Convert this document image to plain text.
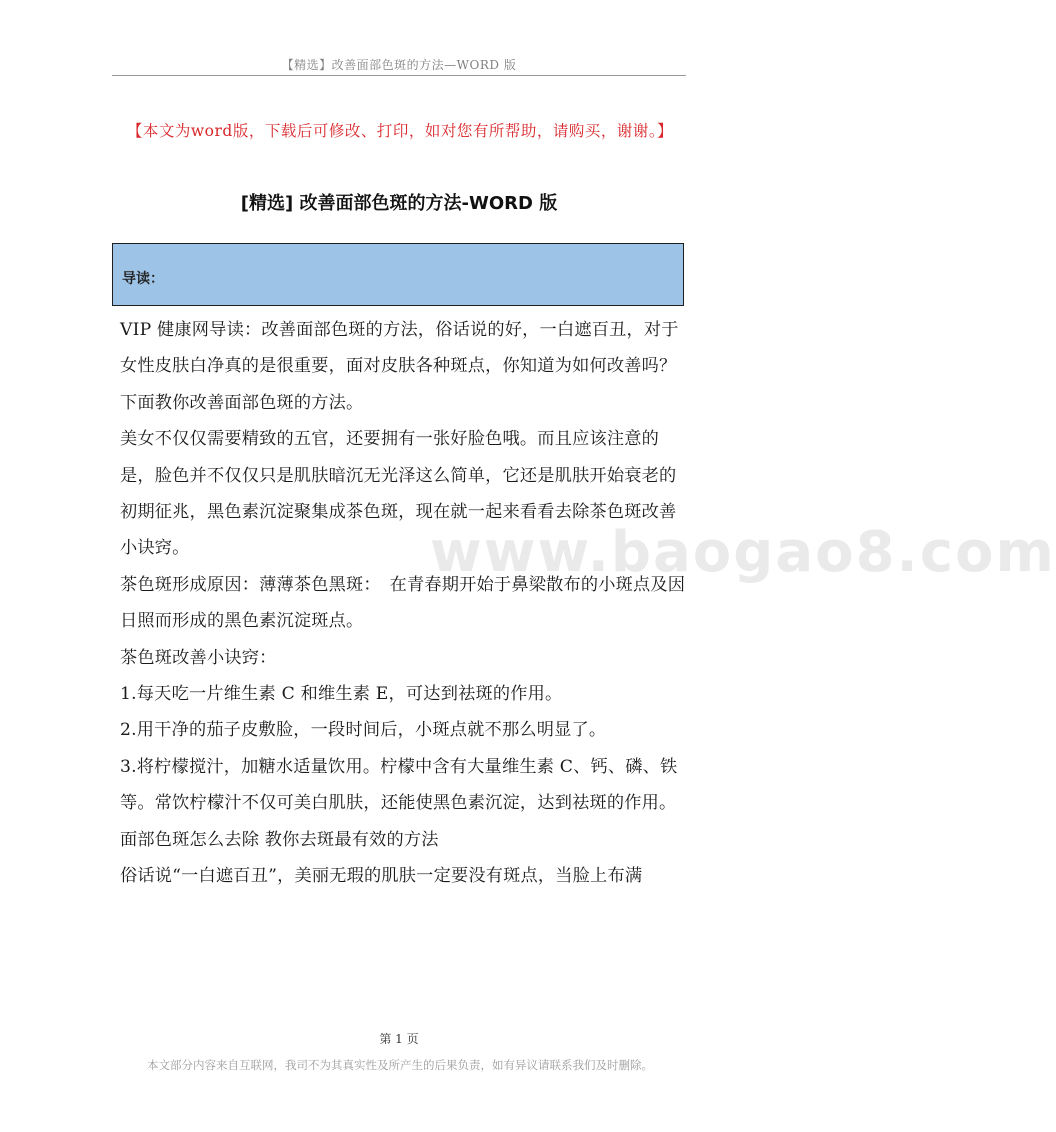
【精选】改善面部色斑的方法—WORD 版
【本文为word版，下载后可修改、打印，如对您有所帮助，请购买，谢谢。】
[精选] 改善面部色斑的方法-WORD 版
导读：
www.baogao8.com

VIP 健康网导读：改善面部色斑的方法，俗话说的好，一白遮百丑，对于女性皮肤白净真的是很重要，面对皮肤各种斑点，你知道为如何改善吗？下面教你改善面部色斑的方法。

美女不仅仅需要精致的五官，还要拥有一张好脸色哦。而且应该注意的是，脸色并不仅仅只是肌肤暗沉无光泽这么简单，它还是肌肤开始衰老的初期征兆，黑色素沉淀聚集成茶色斑，现在就一起来看看去除茶色斑改善小诀窍。

茶色斑形成原因：薄薄茶色黑斑：　在青春期开始于鼻梁散布的小斑点及因日照而形成的黑色素沉淀斑点。

茶色斑改善小诀窍：

1.每天吃一片维生素 C 和维生素 E，可达到祛斑的作用。

2.用干净的茄子皮敷脸，一段时间后，小斑点就不那么明显了。

3.将柠檬搅汁，加糖水适量饮用。柠檬中含有大量维生素 C、钙、磷、铁等。常饮柠檬汁不仅可美白肌肤，还能使黑色素沉淀，达到祛斑的作用。

面部色斑怎么去除 教你去斑最有效的方法

俗话说“一白遮百丑”，美丽无瑕的肌肤一定要没有斑点，当脸上布满

第 1 页
本文部分内容来自互联网，我司不为其真实性及所产生的后果负责，如有异议请联系我们及时删除。
